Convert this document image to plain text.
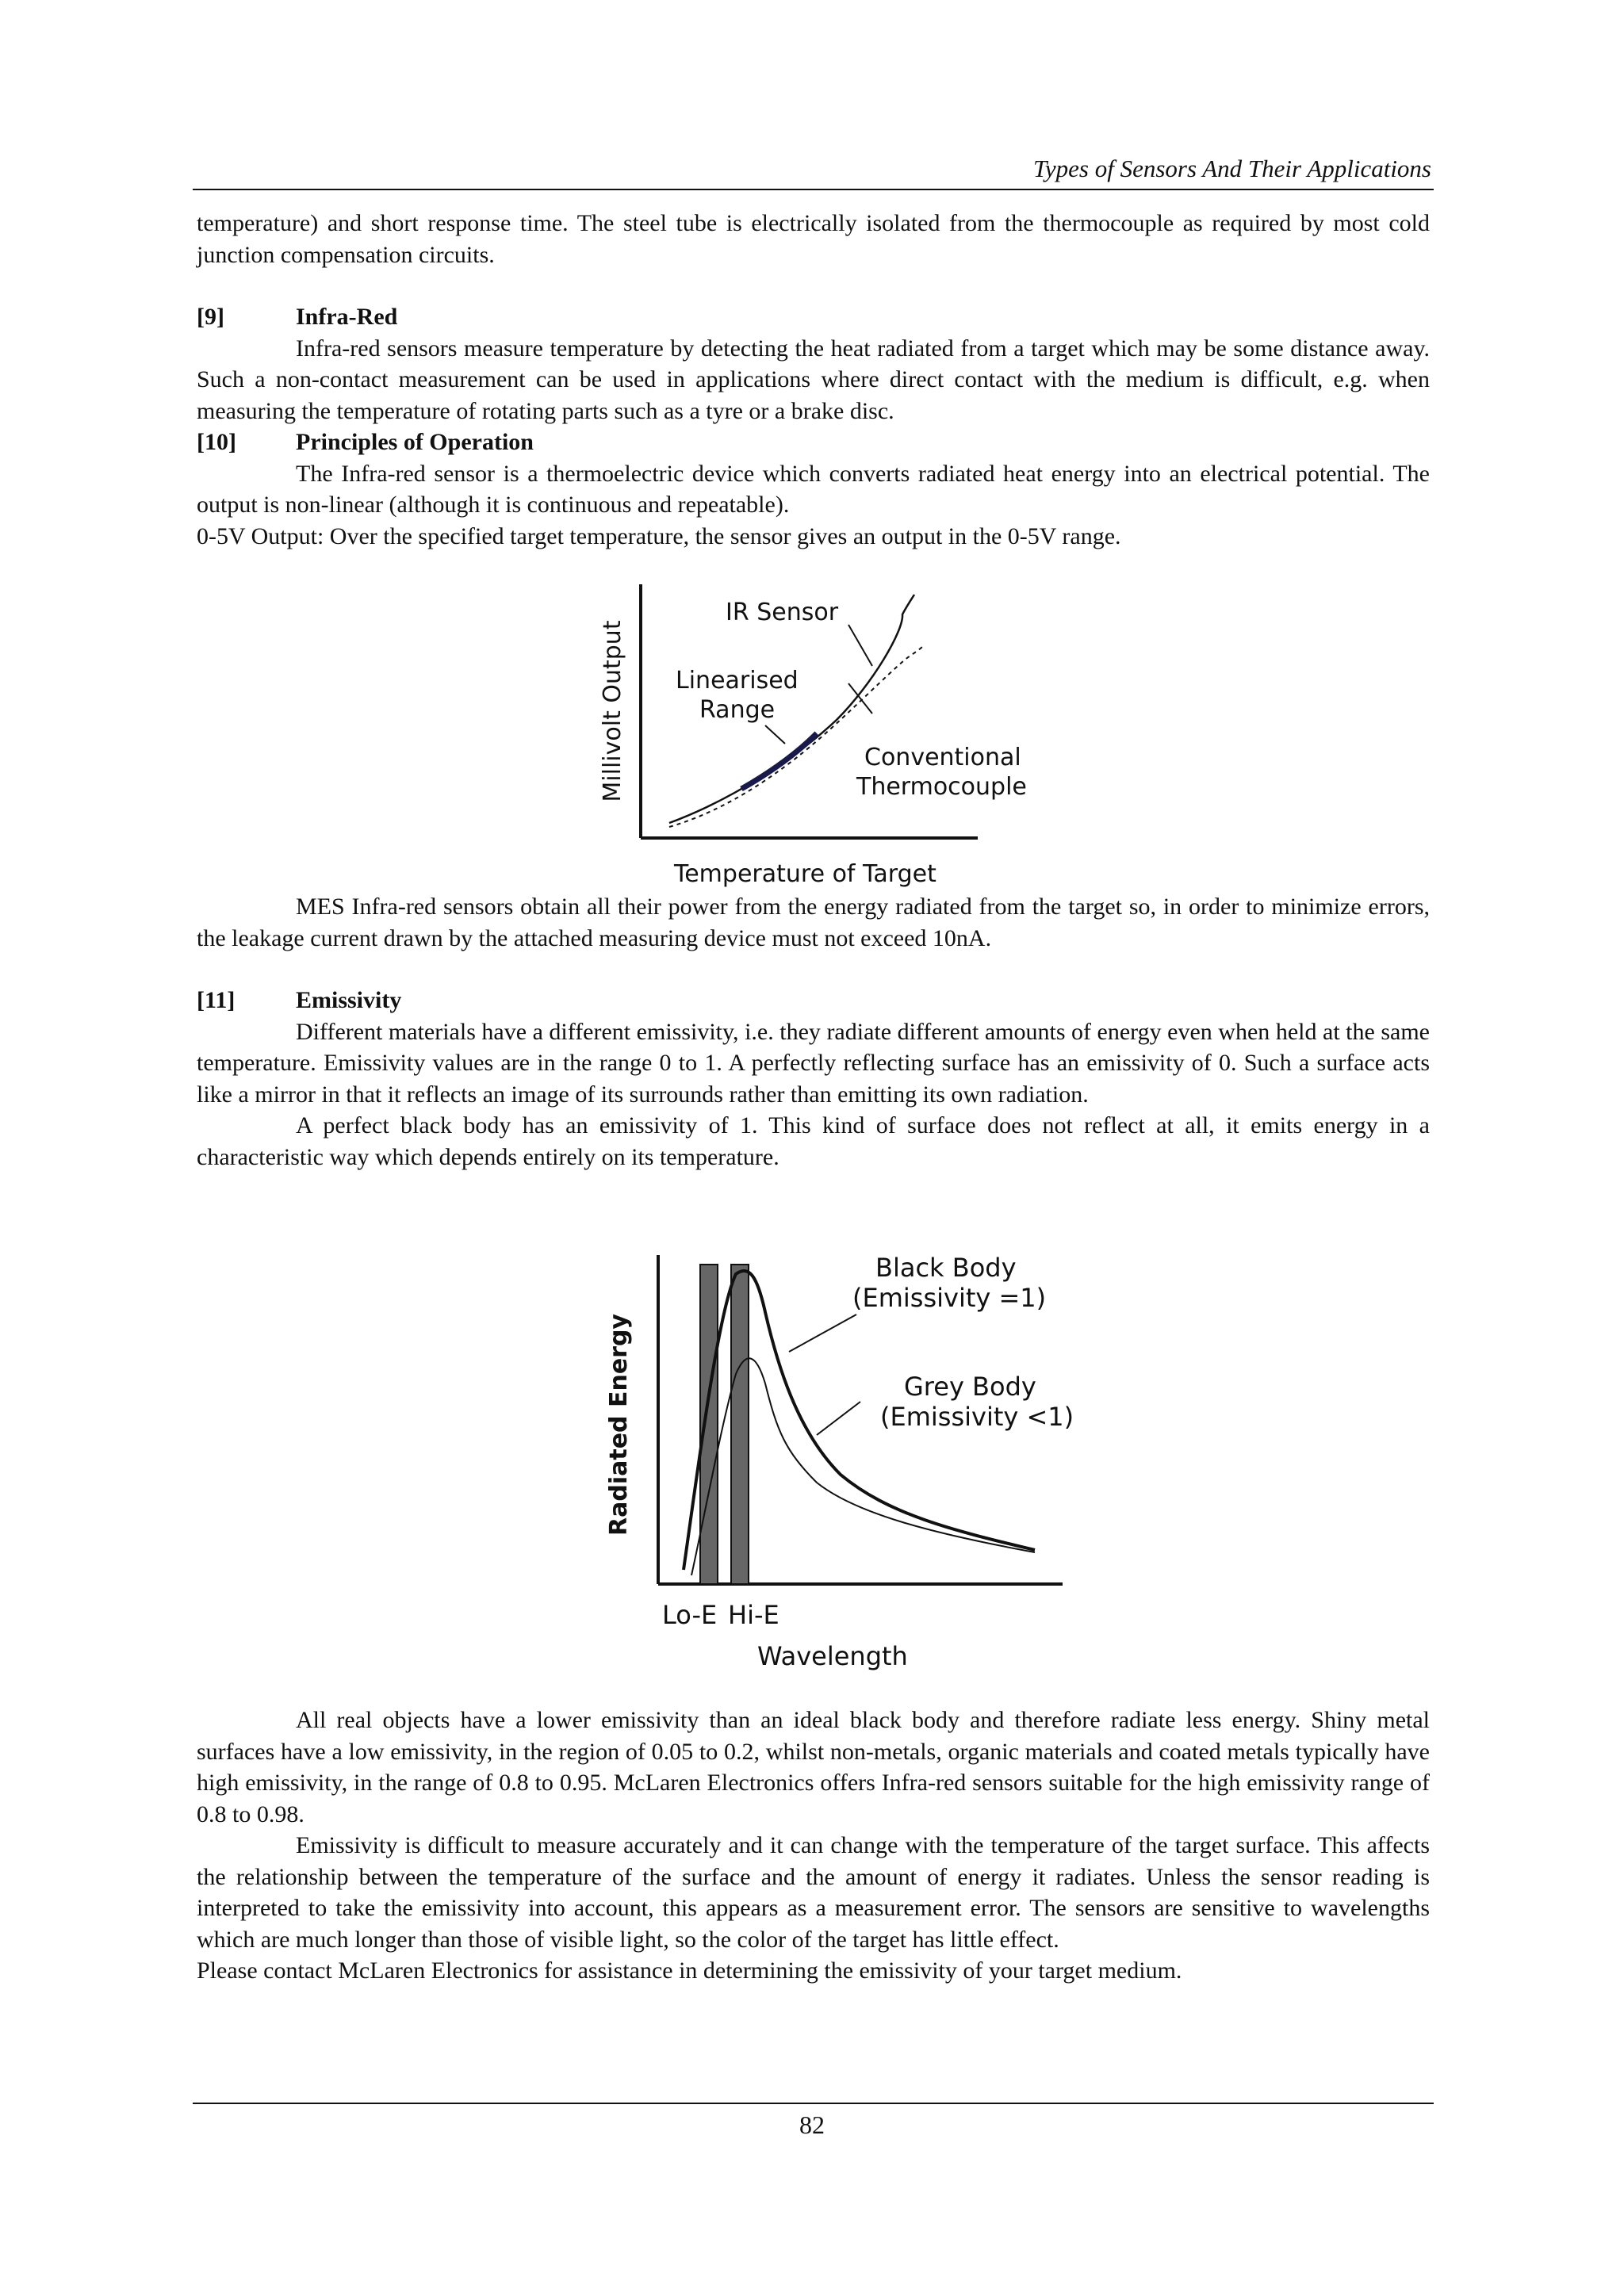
Types of Sensors And Their Applications

temperature) and short response time. The steel tube is electrically isolated from the thermocouple as required by most cold junction compensation circuits.

[9]	Infra-Red

Infra-red sensors measure temperature by detecting the heat radiated from a target which may be some distance away. Such a non-contact measurement can be used in applications where direct contact with the medium is difficult, e.g. when measuring the temperature of rotating parts such as a tyre or a brake disc.

[10]	Principles of Operation

The Infra-red sensor is a thermoelectric device which converts radiated heat energy into an electrical potential. The output is non-linear (although it is continuous and repeatable).

0-5V Output: Over the specified target temperature, the sensor gives an output in the 0-5V range.

Millivolt Output
IR Sensor
Linearised
Range
Conventional
Thermocouple
Temperature of Target

MES Infra-red sensors obtain all their power from the energy radiated from the target so, in order to minimize errors, the leakage current drawn by the attached measuring device must not exceed 10nA.

[11]	Emissivity

Different materials have a different emissivity, i.e. they radiate different amounts of energy even when held at the same temperature. Emissivity values are in the range 0 to 1. A perfectly reflecting surface has an emissivity of 0. Such a surface acts like a mirror in that it reflects an image of its surrounds rather than emitting its own radiation.

A perfect black body has an emissivity of 1. This kind of surface does not reflect at all, it emits energy in a characteristic way which depends entirely on its temperature.

Radiated Energy
Black Body
(Emissivity =1)
Grey Body
(Emissivity <1)
Lo-E Hi-E
Wavelength

All real objects have a lower emissivity than an ideal black body and therefore radiate less energy. Shiny metal surfaces have a low emissivity, in the region of 0.05 to 0.2, whilst non-metals, organic materials and coated metals typically have high emissivity, in the range of 0.8 to 0.95. McLaren Electronics offers Infra-red sensors suitable for the high emissivity range of 0.8 to 0.98.

Emissivity is difficult to measure accurately and it can change with the temperature of the target surface. This affects the relationship between the temperature of the surface and the amount of energy it radiates. Unless the sensor reading is interpreted to take the emissivity into account, this appears as a measurement error. The sensors are sensitive to wavelengths which are much longer than those of visible light, so the color of the target has little effect.

Please contact McLaren Electronics for assistance in determining the emissivity of your target medium.

82
